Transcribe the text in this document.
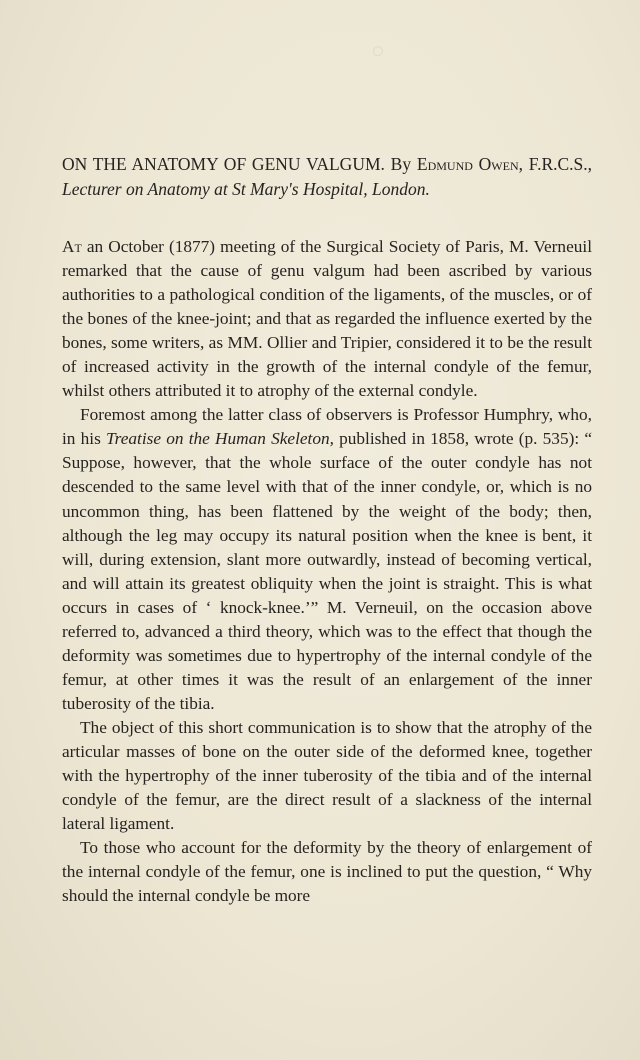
◌
ON THE ANATOMY OF GENU VALGUM. By Edmund Owen, F.R.C.S., Lecturer on Anatomy at St Mary's Hospital, London.

At an October (1877) meeting of the Surgical Society of Paris, M. Verneuil remarked that the cause of genu valgum had been ascribed by various authorities to a pathological condition of the ligaments, of the muscles, or of the bones of the knee-joint; and that as regarded the influence exerted by the bones, some writers, as MM. Ollier and Tripier, considered it to be the result of increased activity in the growth of the internal condyle of the femur, whilst others attributed it to atrophy of the external condyle.

Foremost among the latter class of observers is Professor Humphry, who, in his Treatise on the Human Skeleton, published in 1858, wrote (p. 535): “ Suppose, however, that the whole surface of the outer condyle has not descended to the same level with that of the inner condyle, or, which is no uncommon thing, has been flattened by the weight of the body; then, although the leg may occupy its natural position when the knee is bent, it will, during extension, slant more outwardly, instead of becoming vertical, and will attain its greatest obliquity when the joint is straight. This is what occurs in cases of ‘ knock-knee.’” M. Verneuil, on the occasion above referred to, advanced a third theory, which was to the effect that though the deformity was sometimes due to hypertrophy of the internal condyle of the femur, at other times it was the result of an enlargement of the inner tuberosity of the tibia.

The object of this short communication is to show that the atrophy of the articular masses of bone on the outer side of the deformed knee, together with the hypertrophy of the inner tuberosity of the tibia and of the internal condyle of the femur, are the direct result of a slackness of the internal lateral ligament.

To those who account for the deformity by the theory of enlargement of the internal condyle of the femur, one is inclined to put the question, “ Why should the internal condyle be more
